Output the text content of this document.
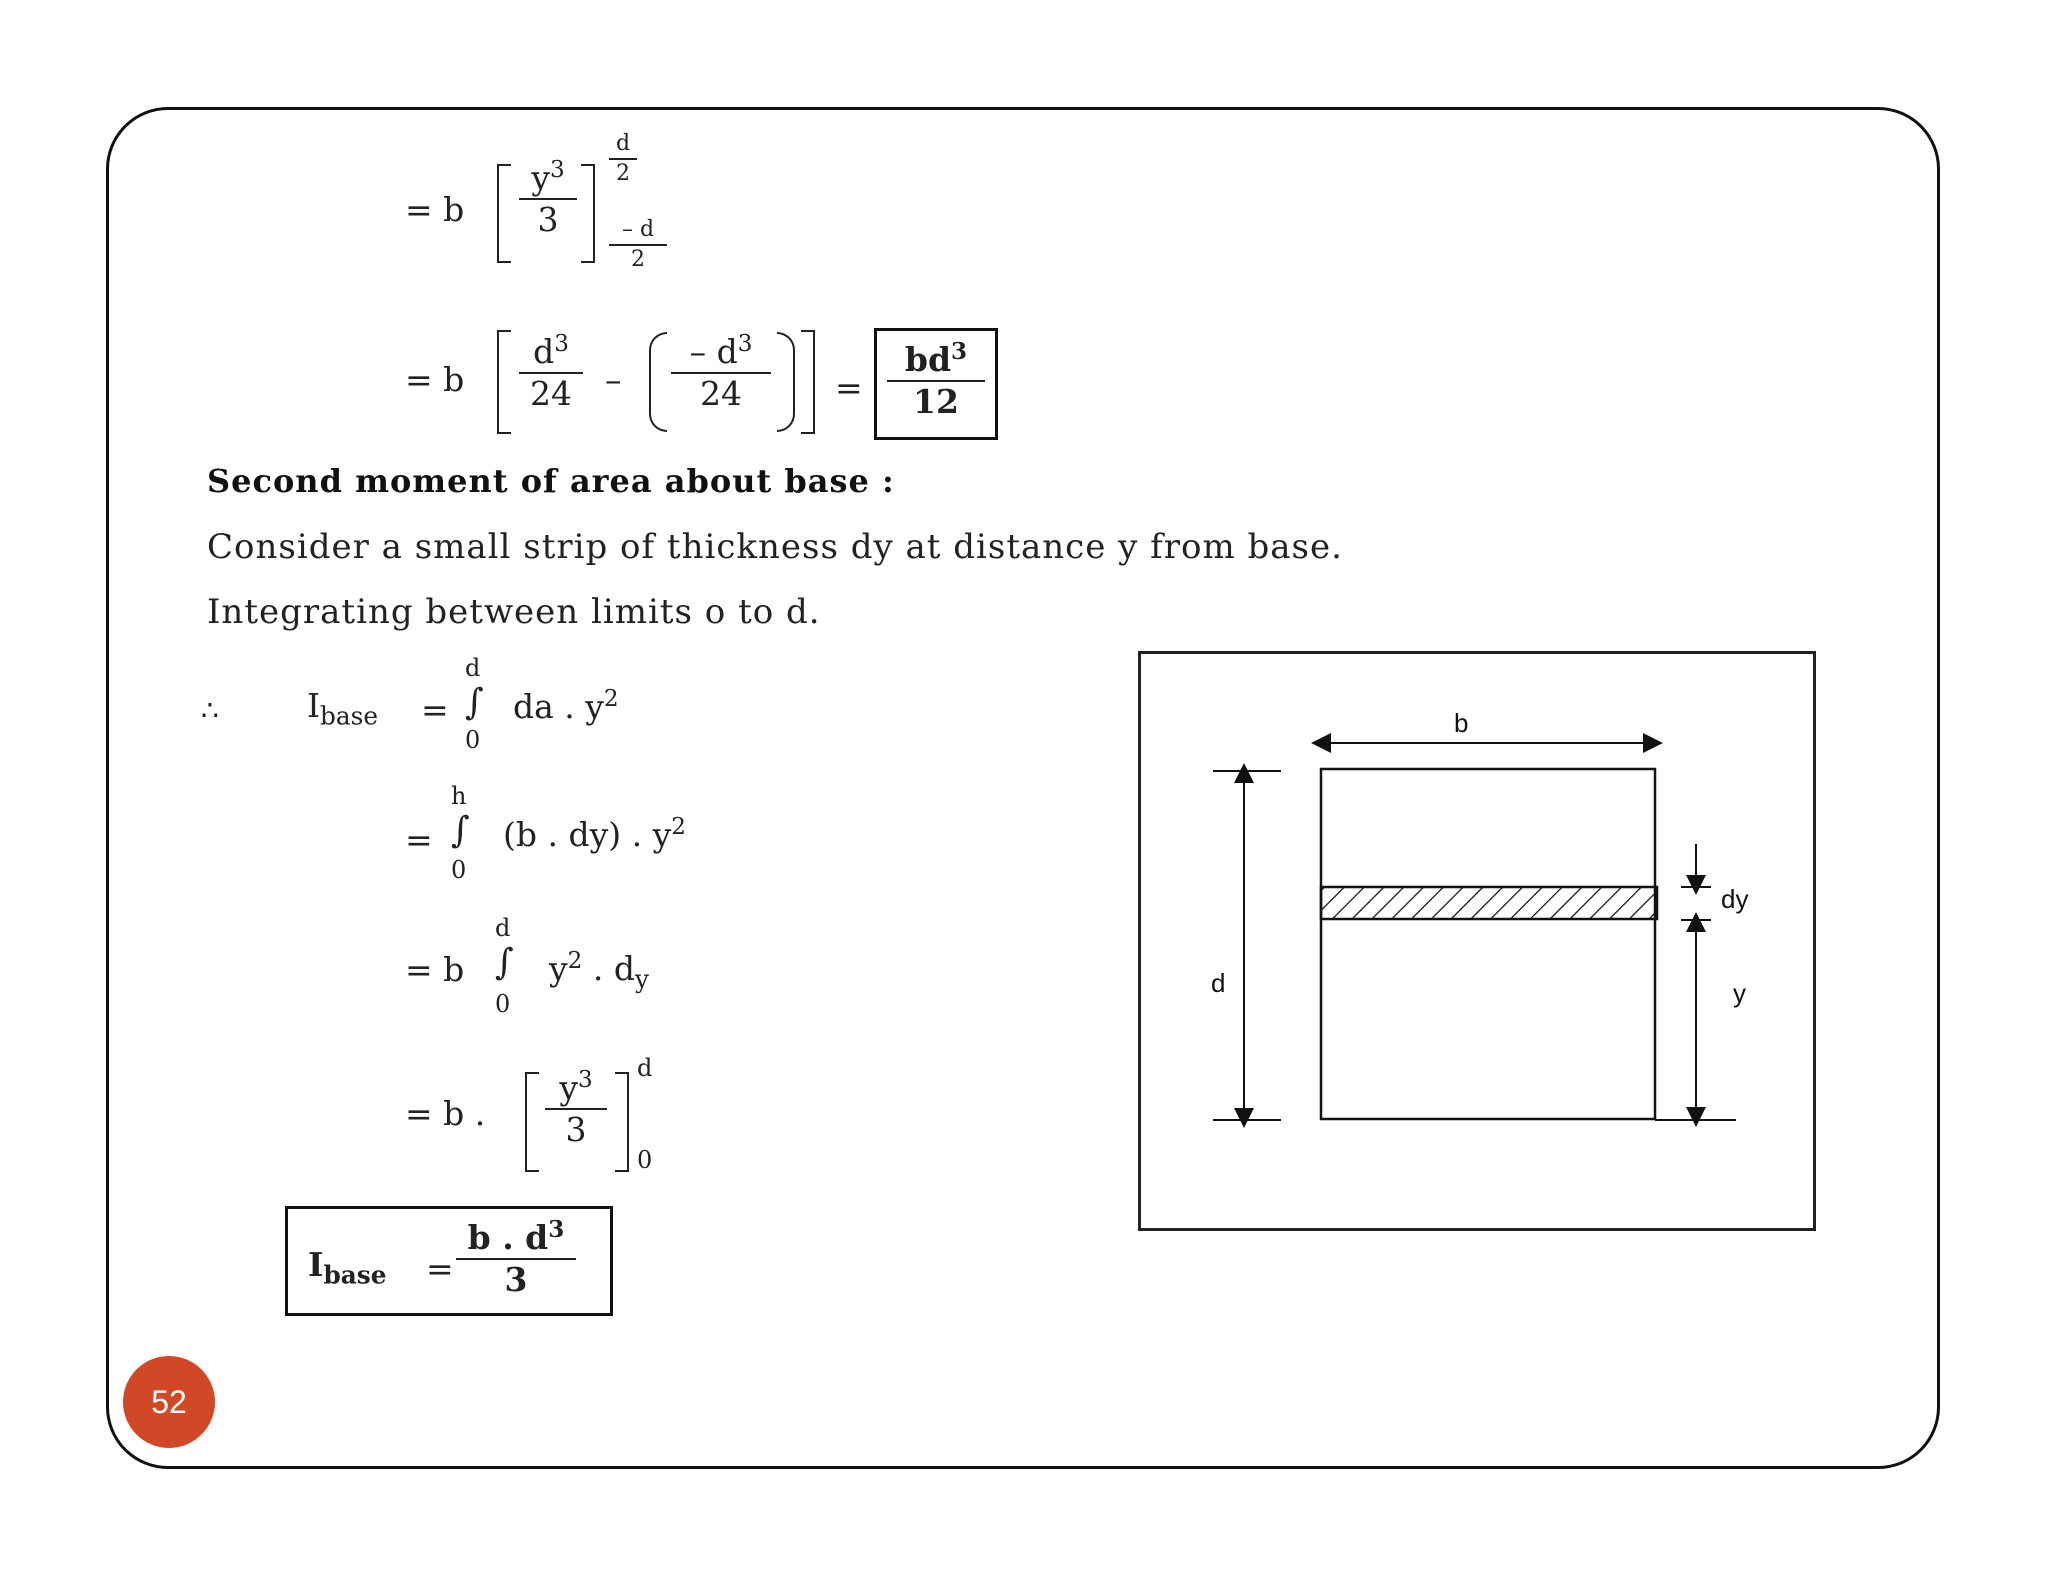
= b
$y^3$
3
d
2
– d
2
= b
$d^3$
24	–
– $d^3$
24	=
$bd^3$
12
Second moment of area about base :
Consider a small strip of thickness dy at distance y from base.
Integrating between limits o to d.
∴	$I_{base}$ =
d
∫
0
da . $y^2$
=
h
∫
0
(b . dy) . $y^2$
= b
d
∫
0
$y^2$ . $d_y$
= b .
$y^3$
3
d
0
$I_{base}$ =
b . $d^3$
3
b
d
dy
y
52
